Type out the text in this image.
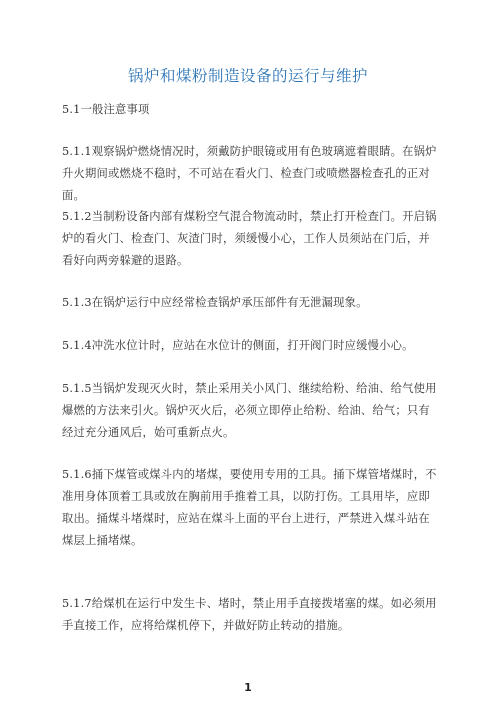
锅炉和煤粉制造设备的运行与维护
5.1一般注意事项
5.1.1观察锅炉燃烧情况时，须戴防护眼镜或用有色玻璃遮着眼睛。在锅炉升火期间或燃烧不稳时，不可站在看火门、检查门或喷燃器检查孔的正对面。
5.1.2当制粉设备内部有煤粉空气混合物流动时，禁止打开检查门。开启锅炉的看火门、检查门、灰渣门时，须缓慢小心，工作人员须站在门后，并看好向两旁躲避的退路。
5.1.3在锅炉运行中应经常检查锅炉承压部件有无泄漏现象。
5.1.4冲洗水位计时，应站在水位计的侧面，打开阀门时应缓慢小心。
5.1.5当锅炉发现灭火时，禁止采用关小风门、继续给粉、给油、给气使用爆燃的方法来引火。锅炉灭火后，必须立即停止给粉、给油、给气；只有经过充分通风后，始可重新点火。
5.1.6捅下煤管或煤斗内的堵煤，要使用专用的工具。捅下煤管堵煤时，不准用身体顶着工具或放在胸前用手推着工具，以防打伤。工具用毕，应即取出。捅煤斗堵煤时，应站在煤斗上面的平台上进行，严禁进入煤斗站在煤层上捅堵煤。
5.1.7给煤机在运行中发生卡、堵时，禁止用手直接拨堵塞的煤。如必须用手直接工作，应将给煤机停下，并做好防止转动的措施。
1
